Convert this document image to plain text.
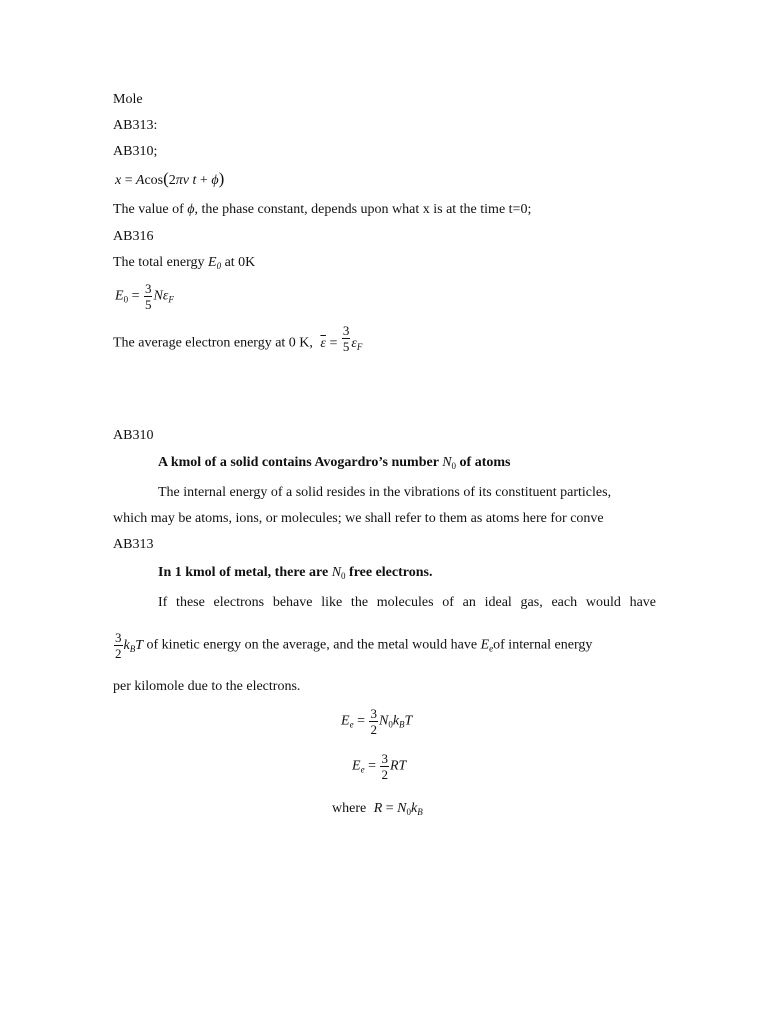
Mole
AB313:
AB310;
x = Acos(2πν t + ϕ)
The value of ϕ, the phase constant, depends upon what x is at the time t=0;
AB316
The total energy $E_0$ at 0K
$E_0 = \frac{3}{5} N\varepsilon_F$
The average electron energy at 0 K, $\overline{\varepsilon} = \frac{3}{5} \varepsilon_F$
AB310
A kmol of a solid contains Avogardro’s number $N_0$ of atoms
The internal energy of a solid resides in the vibrations of its constituent particles,
which may be atoms, ions, or molecules; we shall refer to them as atoms here for conve
AB313
In 1 kmol of metal, there are $N_0$ free electrons.
If these electrons behave like the molecules of an ideal gas, each would have
$\frac{3}{2} k_BT$ of kinetic energy on the average, and the metal would have $E_eof$ internal energy
per kilomole due to the electrons.
$E_e = \frac{3}{2} N_0k_BT$
$E_e = \frac{3}{2}$ RT
where $R = N_0k_B$
